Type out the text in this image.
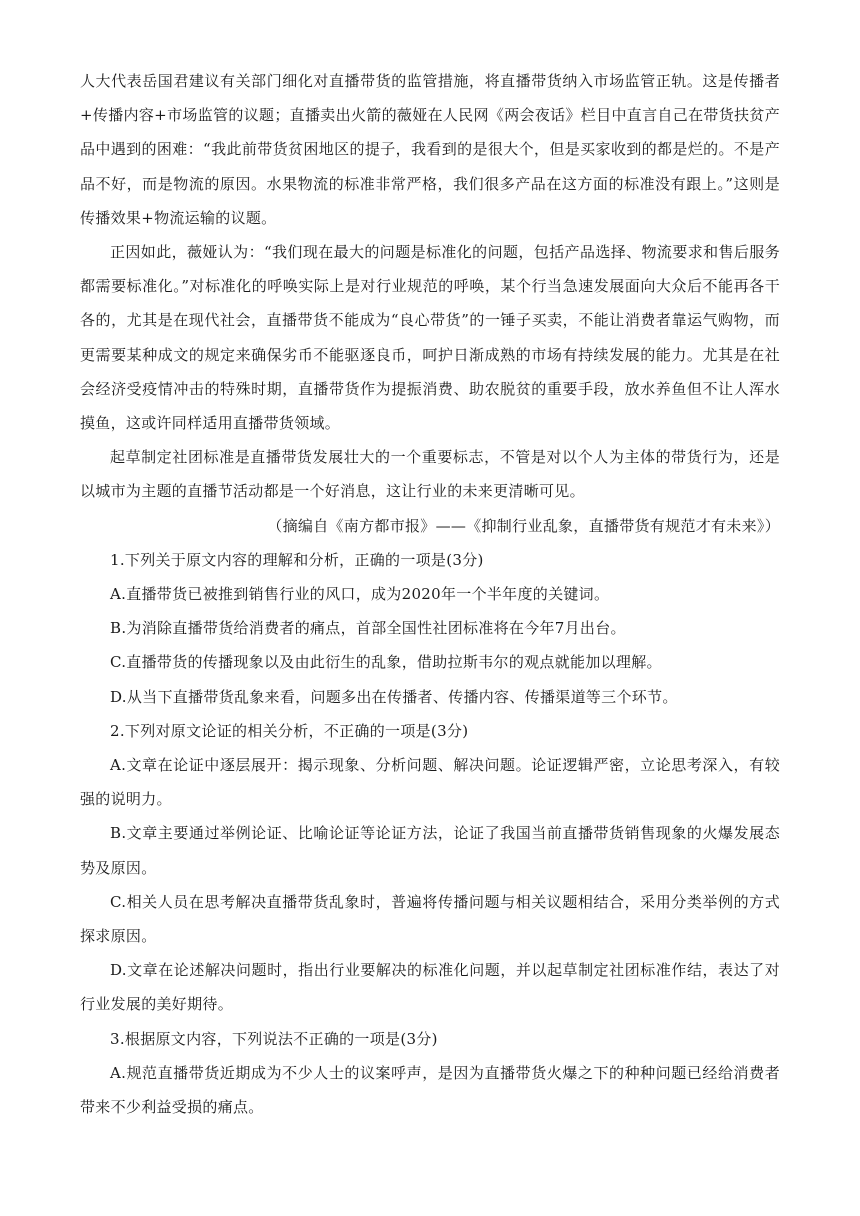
人大代表岳国君建议有关部门细化对直播带货的监管措施，将直播带货纳入市场监管正轨。这是传播者+传播内容+市场监管的议题；直播卖出火箭的薇娅在人民网《两会夜话》栏目中直言自己在带货扶贫产品中遇到的困难：“我此前带货贫困地区的提子，我看到的是很大个，但是买家收到的都是烂的。不是产品不好，而是物流的原因。水果物流的标准非常严格，我们很多产品在这方面的标准没有跟上。”这则是传播效果+物流运输的议题。

正因如此，薇娅认为：“我们现在最大的问题是标准化的问题，包括产品选择、物流要求和售后服务都需要标准化。”对标准化的呼唤实际上是对行业规范的呼唤，某个行当急速发展面向大众后不能再各干各的，尤其是在现代社会，直播带货不能成为“良心带货”的一锤子买卖，不能让消费者靠运气购物，而更需要某种成文的规定来确保劣币不能驱逐良币，呵护日渐成熟的市场有持续发展的能力。尤其是在社会经济受疫情冲击的特殊时期，直播带货作为提振消费、助农脱贫的重要手段，放水养鱼但不让人浑水摸鱼，这或许同样适用直播带货领域。

起草制定社团标准是直播带货发展壮大的一个重要标志，不管是对以个人为主体的带货行为，还是以城市为主题的直播节活动都是一个好消息，这让行业的未来更清晰可见。

（摘编自《南方都市报》——《抑制行业乱象，直播带货有规范才有未来》）

1.下列关于原文内容的理解和分析，正确的一项是(3分)

A.直播带货已被推到销售行业的风口，成为2020年一个半年度的关键词。

B.为消除直播带货给消费者的痛点，首部全国性社团标准将在今年7月出台。

C.直播带货的传播现象以及由此衍生的乱象，借助拉斯韦尔的观点就能加以理解。

D.从当下直播带货乱象来看，问题多出在传播者、传播内容、传播渠道等三个环节。

2.下列对原文论证的相关分析，不正确的一项是(3分)

A.文章在论证中逐层展开：揭示现象、分析问题、解决问题。论证逻辑严密，立论思考深入，有较强的说明力。

B.文章主要通过举例论证、比喻论证等论证方法，论证了我国当前直播带货销售现象的火爆发展态势及原因。

C.相关人员在思考解决直播带货乱象时，普遍将传播问题与相关议题相结合，采用分类举例的方式探求原因。

D.文章在论述解决问题时，指出行业要解决的标准化问题，并以起草制定社团标准作结，表达了对行业发展的美好期待。

3.根据原文内容，下列说法不正确的一项是(3分)

A.规范直播带货近期成为不少人士的议案呼声，是因为直播带货火爆之下的种种问题已经给消费者带来不少利益受损的痛点。
